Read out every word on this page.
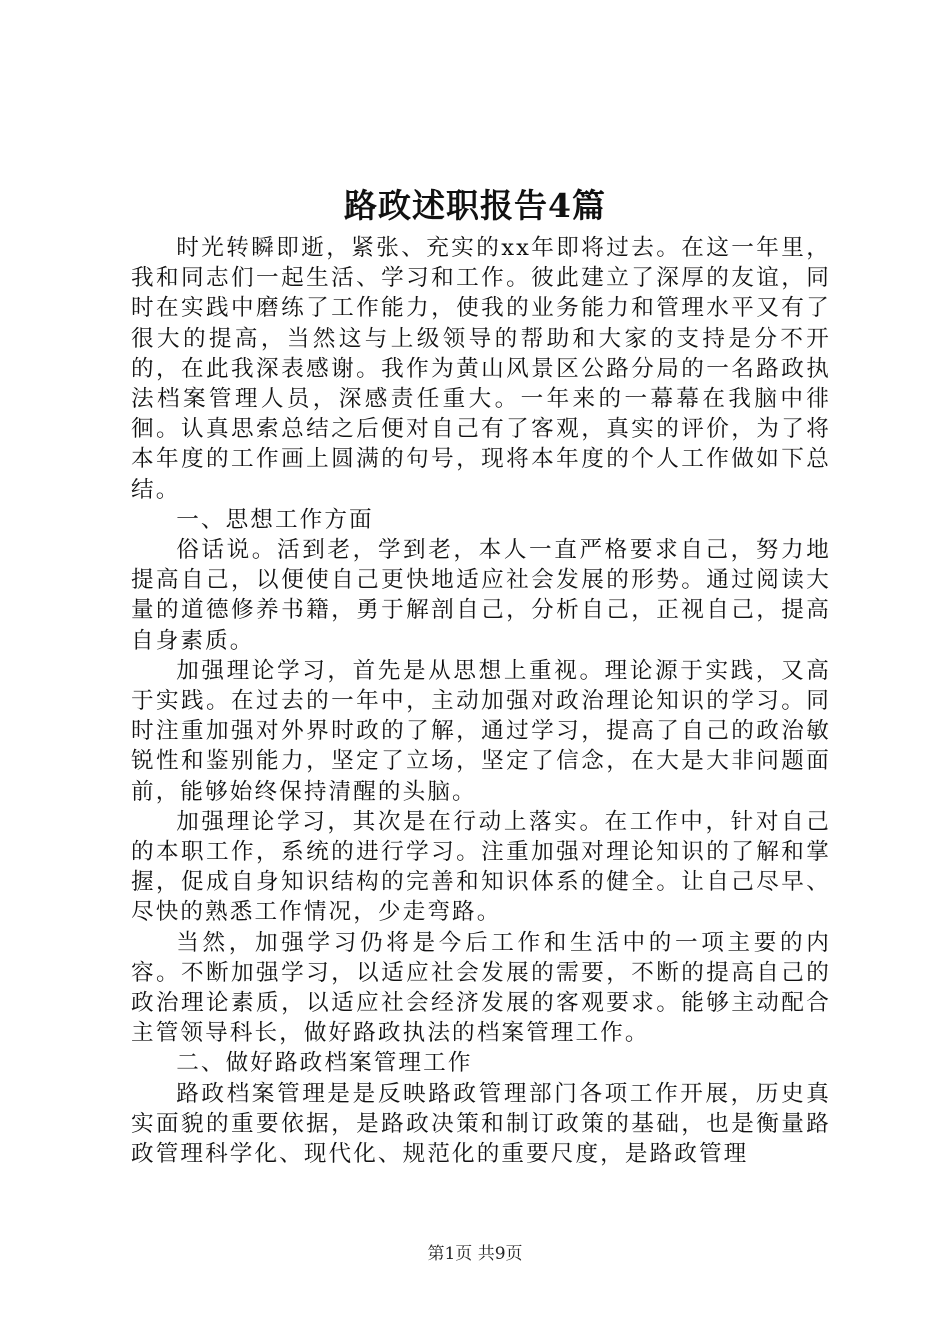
路政述职报告4篇

时光转瞬即逝，紧张、充实的xx年即将过去。在这一年里，我和同志们一起生活、学习和工作。彼此建立了深厚的友谊，同时在实践中磨练了工作能力，使我的业务能力和管理水平又有了很大的提高，当然这与上级领导的帮助和大家的支持是分不开的，在此我深表感谢。我作为黄山风景区公路分局的一名路政执法档案管理人员，深感责任重大。一年来的一幕幕在我脑中徘徊。认真思索总结之后便对自己有了客观，真实的评价，为了将本年度的工作画上圆满的句号，现将本年度的个人工作做如下总结。

一、思想工作方面

俗话说。活到老，学到老，本人一直严格要求自己，努力地提高自己，以便使自己更快地适应社会发展的形势。通过阅读大量的道德修养书籍，勇于解剖自己，分析自己，正视自己，提高自身素质。

加强理论学习，首先是从思想上重视。理论源于实践，又高于实践。在过去的一年中，主动加强对政治理论知识的学习。同时注重加强对外界时政的了解，通过学习，提高了自己的政治敏锐性和鉴别能力，坚定了立场，坚定了信念，在大是大非问题面前，能够始终保持清醒的头脑。

加强理论学习，其次是在行动上落实。在工作中，针对自己的本职工作，系统的进行学习。注重加强对理论知识的了解和掌握，促成自身知识结构的完善和知识体系的健全。让自己尽早、尽快的熟悉工作情况，少走弯路。

当然，加强学习仍将是今后工作和生活中的一项主要的内容。不断加强学习，以适应社会发展的需要，不断的提高自己的政治理论素质，以适应社会经济发展的客观要求。能够主动配合主管领导科长，做好路政执法的档案管理工作。

二、做好路政档案管理工作

路政档案管理是是反映路政管理部门各项工作开展，历史真实面貌的重要依据，是路政决策和制订政策的基础，也是衡量路政管理科学化、现代化、规范化的重要尺度，是路政管理

第1页 共9页
